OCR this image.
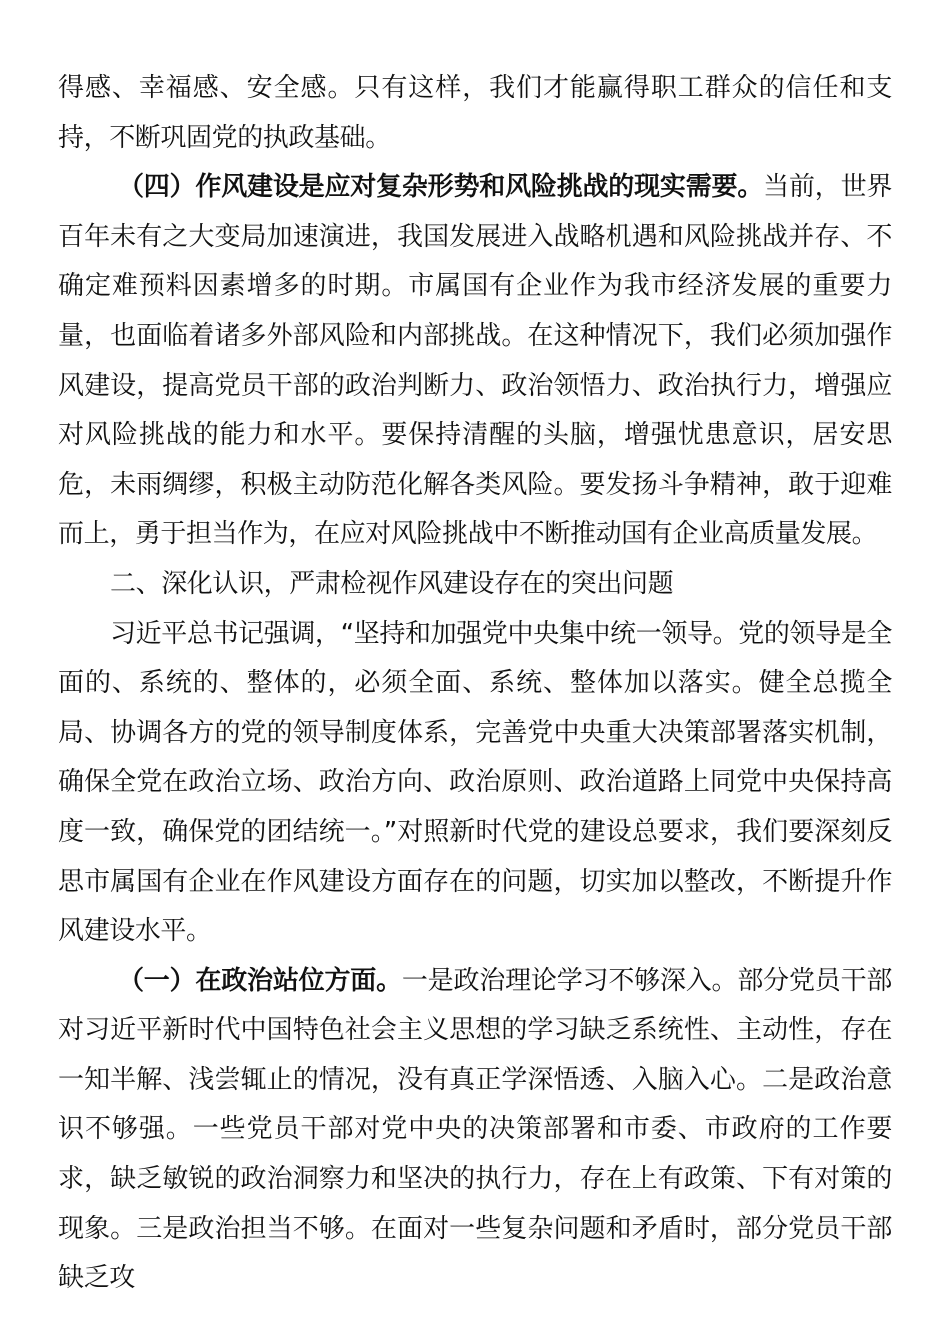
得感、幸福感、安全感。只有这样，我们才能赢得职工群众的信任和支持，不断巩固党的执政基础。

（四）作风建设是应对复杂形势和风险挑战的现实需要。当前，世界百年未有之大变局加速演进，我国发展进入战略机遇和风险挑战并存、不确定难预料因素增多的时期。市属国有企业作为我市经济发展的重要力量，也面临着诸多外部风险和内部挑战。在这种情况下，我们必须加强作风建设，提高党员干部的政治判断力、政治领悟力、政治执行力，增强应对风险挑战的能力和水平。要保持清醒的头脑，增强忧患意识，居安思危，未雨绸缪，积极主动防范化解各类风险。要发扬斗争精神，敢于迎难而上，勇于担当作为，在应对风险挑战中不断推动国有企业高质量发展。

二、深化认识，严肃检视作风建设存在的突出问题

习近平总书记强调，“坚持和加强党中央集中统一领导。党的领导是全面的、系统的、整体的，必须全面、系统、整体加以落实。健全总揽全局、协调各方的党的领导制度体系，完善党中央重大决策部署落实机制，确保全党在政治立场、政治方向、政治原则、政治道路上同党中央保持高度一致，确保党的团结统一。”对照新时代党的建设总要求，我们要深刻反思市属国有企业在作风建设方面存在的问题，切实加以整改，不断提升作风建设水平。

（一）在政治站位方面。一是政治理论学习不够深入。部分党员干部对习近平新时代中国特色社会主义思想的学习缺乏系统性、主动性，存在一知半解、浅尝辄止的情况，没有真正学深悟透、入脑入心。二是政治意识不够强。一些党员干部对党中央的决策部署和市委、市政府的工作要求，缺乏敏锐的政治洞察力和坚决的执行力，存在上有政策、下有对策的现象。三是政治担当不够。在面对一些复杂问题和矛盾时，部分党员干部缺乏攻
